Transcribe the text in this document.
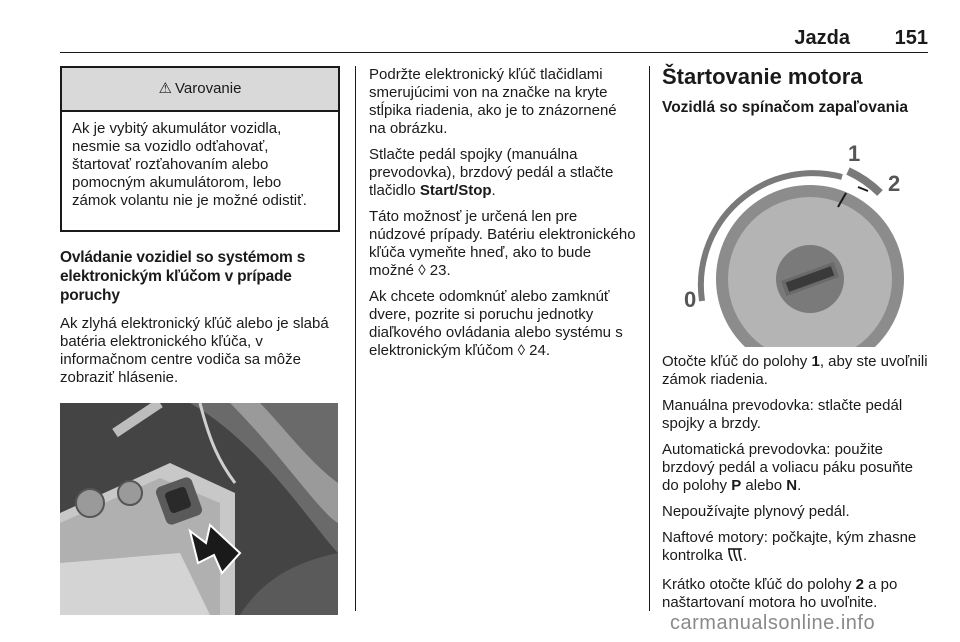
Jazda	151
⚠ Varovanie
Ak je vybitý akumulátor vozidla, nesmie sa vozidlo odťahovať, štartovať rozťahovaním alebo pomocným akumulátorom, lebo zámok volantu nie je možné odistiť.
Ovládanie vozidiel so systémom s elektronickým kľúčom v prípade poruchy

Ak zlyhá elektronický kľúč alebo je slabá batéria elektronického kľúča, v informačnom centre vodiča sa môže zobraziť hlásenie.

Podržte elektronický kľúč tlačidlami smerujúcimi von na značke na kryte stĺpika riadenia, ako je to znázornené na obrázku.

Stlačte pedál spojky (manuálna prevodovka), brzdový pedál a stlačte tlačidlo Start/Stop.

Táto možnosť je určená len pre núdzové prípady. Batériu elektronického kľúča vymeňte hneď, ako to bude možné ◊ 23.

Ak chcete odomknúť alebo zamknúť dvere, pozrite si poruchu jednotky diaľkového ovládania alebo systému s elektronickým kľúčom ◊ 24.

Štartovanie motora
Vozidlá so spínačom zapaľovania
1
2
0

Otočte kľúč do polohy 1, aby ste uvoľnili zámok riadenia.

Manuálna prevodovka: stlačte pedál spojky a brzdy.

Automatická prevodovka: použite brzdový pedál a voliacu páku posuňte do polohy P alebo N.

Nepoužívajte plynový pedál.

Naftové motory: počkajte, kým zhasne kontrolka .

Krátko otočte kľúč do polohy 2 a po naštartovaní motora ho uvoľnite.

carmanualsonline.info
